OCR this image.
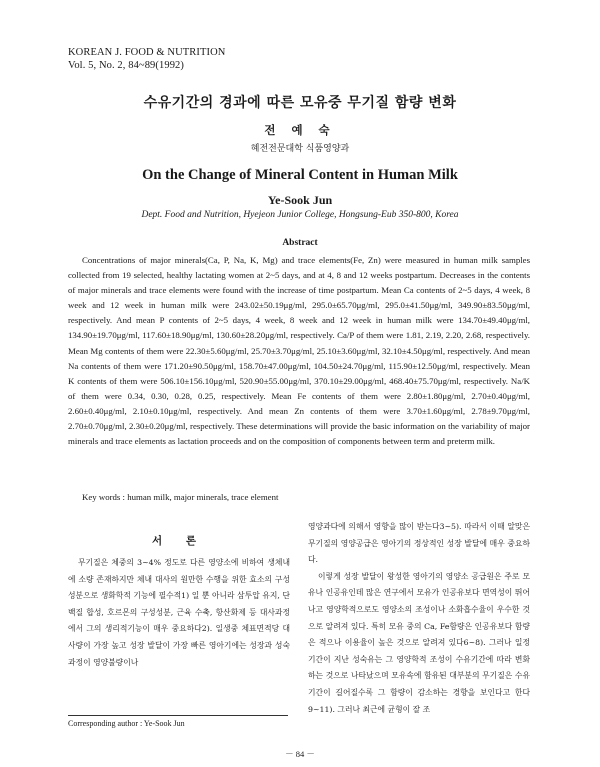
KOREAN J. FOOD & NUTRITION
Vol. 5, No. 2, 84~89(1992)
수유기간의 경과에 따른 모유중 무기질 함량 변화
전 예 숙
혜전전문대학 식품영양과
On the Change of Mineral Content in Human Milk
Ye-Sook Jun
Dept. Food and Nutrition, Hyejeon Junior College, Hongsung-Eub 350-800, Korea
Abstract

Concentrations of major minerals(Ca, P, Na, K, Mg) and trace elements(Fe, Zn) were measured in human milk samples collected from 19 selected, healthy lactating women at 2~5 days, and at 4, 8 and 12 weeks postpartum. Decreases in the contents of major minerals and trace elements were found with the increase of time postpartum. Mean Ca contents of 2~5 days, 4 week, 8 week and 12 week in human milk were 243.02±50.19μg/ml, 295.0±65.70μg/ml, 295.0±41.50μg/ml, 349.90±83.50μg/ml, respectively. And mean P contents of 2~5 days, 4 week, 8 week and 12 week in human milk were 134.70±49.40μg/ml, 134.90±19.70μg/ml, 117.60±18.90μg/ml, 130.60±28.20μg/ml, respectively. Ca/P of them were 1.81, 2.19, 2.20, 2.68, respectively. Mean Mg contents of them were 22.30±5.60μg/ml, 25.70±3.70μg/ml, 25.10±3.60μg/ml, 32.10±4.50μg/ml, respectively. And mean Na contents of them were 171.20±90.50μg/ml, 158.70±47.00μg/ml, 104.50±24.70μg/ml, 115.90±12.50μg/ml, respectively. Mean K contents of them were 506.10±156.10μg/ml, 520.90±55.00μg/ml, 370.10±29.00μg/ml, 468.40±75.70μg/ml, respectively. Na/K of them were 0.34, 0.30, 0.28, 0.25, respectively. Mean Fe contents of them were 2.80±1.80μg/ml, 2.70±0.40μg/ml, 2.60±0.40μg/ml, 2.10±0.10μg/ml, respectively. And mean Zn contents of them were 3.70±1.60μg/ml, 2.78±9.70μg/ml, 2.70±0.70μg/ml, 2.30±0.20μg/ml, respectively. These determinations will provide the basic information on the variability of major minerals and trace elements as lactation proceeds and on the composition of components between term and preterm milk.

Key words : human milk, major minerals, trace element
서 론

무기질은 체중의 3~4% 정도로 다른 영양소에 비하여 생체내에 소량 존재하지만 체내 대사의 원만한 수행을 위한 효소의 구성성분으로 생화학적 기능에 필수적1) 일 뿐 아니라 삼투압 유지, 단백질 합성, 호르몬의 구성성분, 근육 수축, 항산화제 등 대사과정에서 그의 생리적기능이 매우 중요하다2). 일생중 체표면적당 대사량이 가장 높고 성장 발달이 가장 빠른 영아기에는 성장과 성숙과정이 영양불량이나

영양과다에 의해서 영향을 많이 받는다3~5). 따라서 이때 알맞은 무기질의 영양공급은 영아기의 정상적인 성장 발달에 매우 중요하다.

이렇게 성장 발달이 왕성한 영아기의 영양소 공급원은 주로 모유나 인공유인데 많은 연구에서 모유가 인공유보다 면역성이 뛰어나고 영양학적으로도 영양소의 조성이나 소화흡수율이 우수한 것으로 알려져 있다. 특히 모유 중의 Ca, Fe함량은 인공유보다 함량은 적으나 이용율이 높은 것으로 알려져 있다6~8). 그러나 일정기간이 지난 성숙유는 그 영양학적 조성이 수유기간에 따라 변화하는 것으로 나타났으며 모유속에 함유된 대부분의 무기질은 수유기간이 길어질수록 그 함량이 감소하는 경향을 보인다고 한다9~11). 그러나 최근에 균형이 잘 조

Corresponding author : Ye-Sook Jun
－ 84 －
